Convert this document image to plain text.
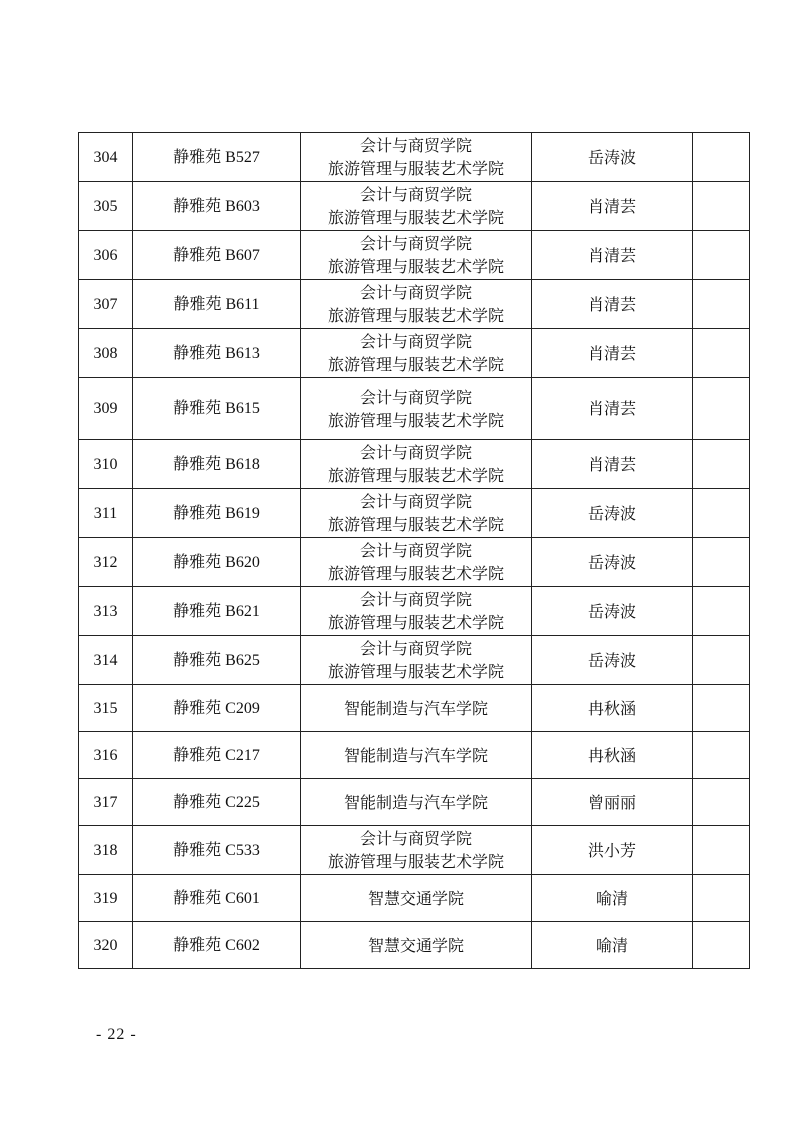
304	静雅苑 B527	会计与商贸学院
旅游管理与服装艺术学院	岳涛波	
305	静雅苑 B603	会计与商贸学院
旅游管理与服装艺术学院	肖清芸	
306	静雅苑 B607	会计与商贸学院
旅游管理与服装艺术学院	肖清芸	
307	静雅苑 B611	会计与商贸学院
旅游管理与服装艺术学院	肖清芸	
308	静雅苑 B613	会计与商贸学院
旅游管理与服装艺术学院	肖清芸	
309	静雅苑 B615	会计与商贸学院
旅游管理与服装艺术学院	肖清芸	
310	静雅苑 B618	会计与商贸学院
旅游管理与服装艺术学院	肖清芸	
311	静雅苑 B619	会计与商贸学院
旅游管理与服装艺术学院	岳涛波	
312	静雅苑 B620	会计与商贸学院
旅游管理与服装艺术学院	岳涛波	
313	静雅苑 B621	会计与商贸学院
旅游管理与服装艺术学院	岳涛波	
314	静雅苑 B625	会计与商贸学院
旅游管理与服装艺术学院	岳涛波	
315	静雅苑 C209	智能制造与汽车学院	冉秋涵	
316	静雅苑 C217	智能制造与汽车学院	冉秋涵	
317	静雅苑 C225	智能制造与汽车学院	曾丽丽	
318	静雅苑 C533	会计与商贸学院
旅游管理与服装艺术学院	洪小芳	
319	静雅苑 C601	智慧交通学院	喻清	
320	静雅苑 C602	智慧交通学院	喻清	
- 22 -
